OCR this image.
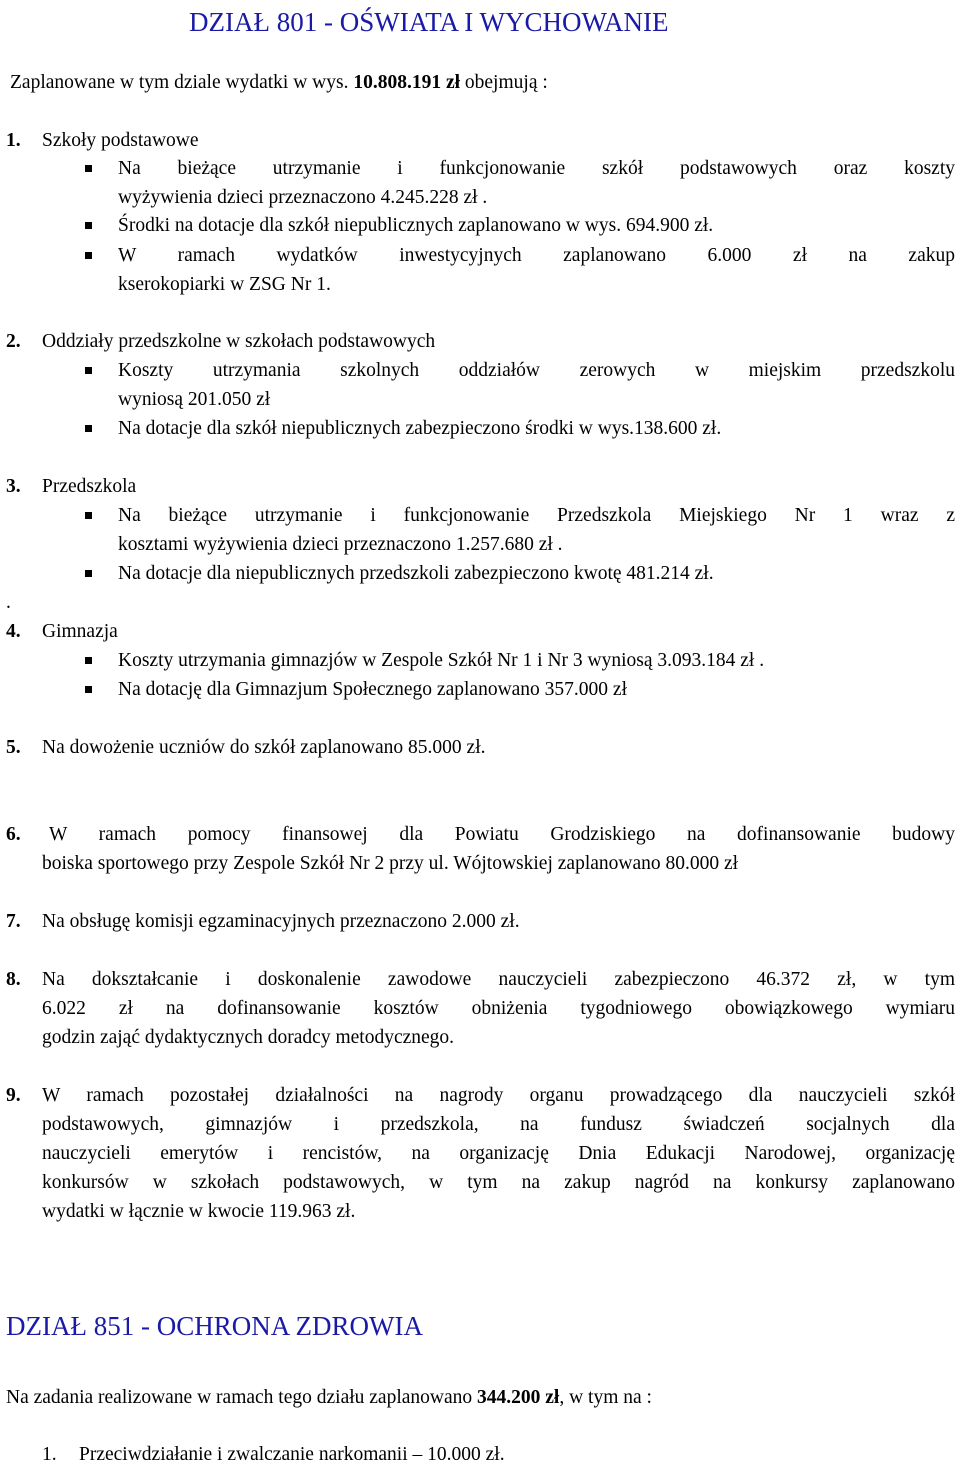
DZIAŁ 801 - OŚWIATA I WYCHOWANIE

Zaplanowane w tym dziale wydatki w wys. 10.808.191 zł obejmują :

1. Szkoły podstawowe

Na bieżące utrzymanie i funkcjonowanie szkół podstawowych oraz koszty

wyżywienia dzieci przeznaczono 4.245.228 zł .

Środki na dotacje dla szkół niepublicznych zaplanowano w wys. 694.900 zł.

W ramach wydatków inwestycyjnych zaplanowano 6.000 zł na zakup

kserokopiarki w ZSG Nr 1.

2. Oddziały przedszkolne w szkołach podstawowych

Koszty utrzymania szkolnych oddziałów zerowych w miejskim przedszkolu

wyniosą 201.050 zł

Na dotacje dla szkół niepublicznych zabezpieczono środki w wys.138.600 zł.

3. Przedszkola

Na bieżące utrzymanie i funkcjonowanie Przedszkola Miejskiego Nr 1 wraz z

kosztami wyżywienia dzieci przeznaczono 1.257.680 zł .

Na dotacje dla niepublicznych przedszkoli zabezpieczono kwotę 481.214 zł.

.
4. Gimnazja

Koszty utrzymania gimnazjów w Zespole Szkół Nr 1 i Nr 3 wyniosą 3.093.184 zł .

Na dotację dla Gimnazjum Społecznego zaplanowano 357.000 zł

5. Na dowożenie uczniów do szkół zaplanowano 85.000 zł.

6. W ramach pomocy finansowej dla Powiatu Grodziskiego na dofinansowanie budowy

boiska sportowego przy Zespole Szkół Nr 2 przy ul. Wójtowskiej zaplanowano 80.000 zł

7. Na obsługę komisji egzaminacyjnych przeznaczono 2.000 zł.

8. Na dokształcanie i doskonalenie zawodowe nauczycieli zabezpieczono 46.372 zł, w tym

6.022 zł na dofinansowanie kosztów obniżenia tygodniowego obowiązkowego wymiaru

godzin zająć dydaktycznych doradcy metodycznego.

9. W ramach pozostałej działalności na nagrody organu prowadzącego dla nauczycieli szkół

podstawowych, gimnazjów i przedszkola, na fundusz świadczeń socjalnych dla

nauczycieli emerytów i rencistów, na organizację Dnia Edukacji Narodowej, organizację

konkursów w szkołach podstawowych, w tym na zakup nagród na konkursy zaplanowano

wydatki w łącznie w kwocie 119.963 zł.

DZIAŁ 851 - OCHRONA ZDROWIA

Na zadania realizowane w ramach tego działu zaplanowano 344.200 zł, w tym na :

1. Przeciwdziałanie i zwalczanie narkomanii – 10.000 zł.
